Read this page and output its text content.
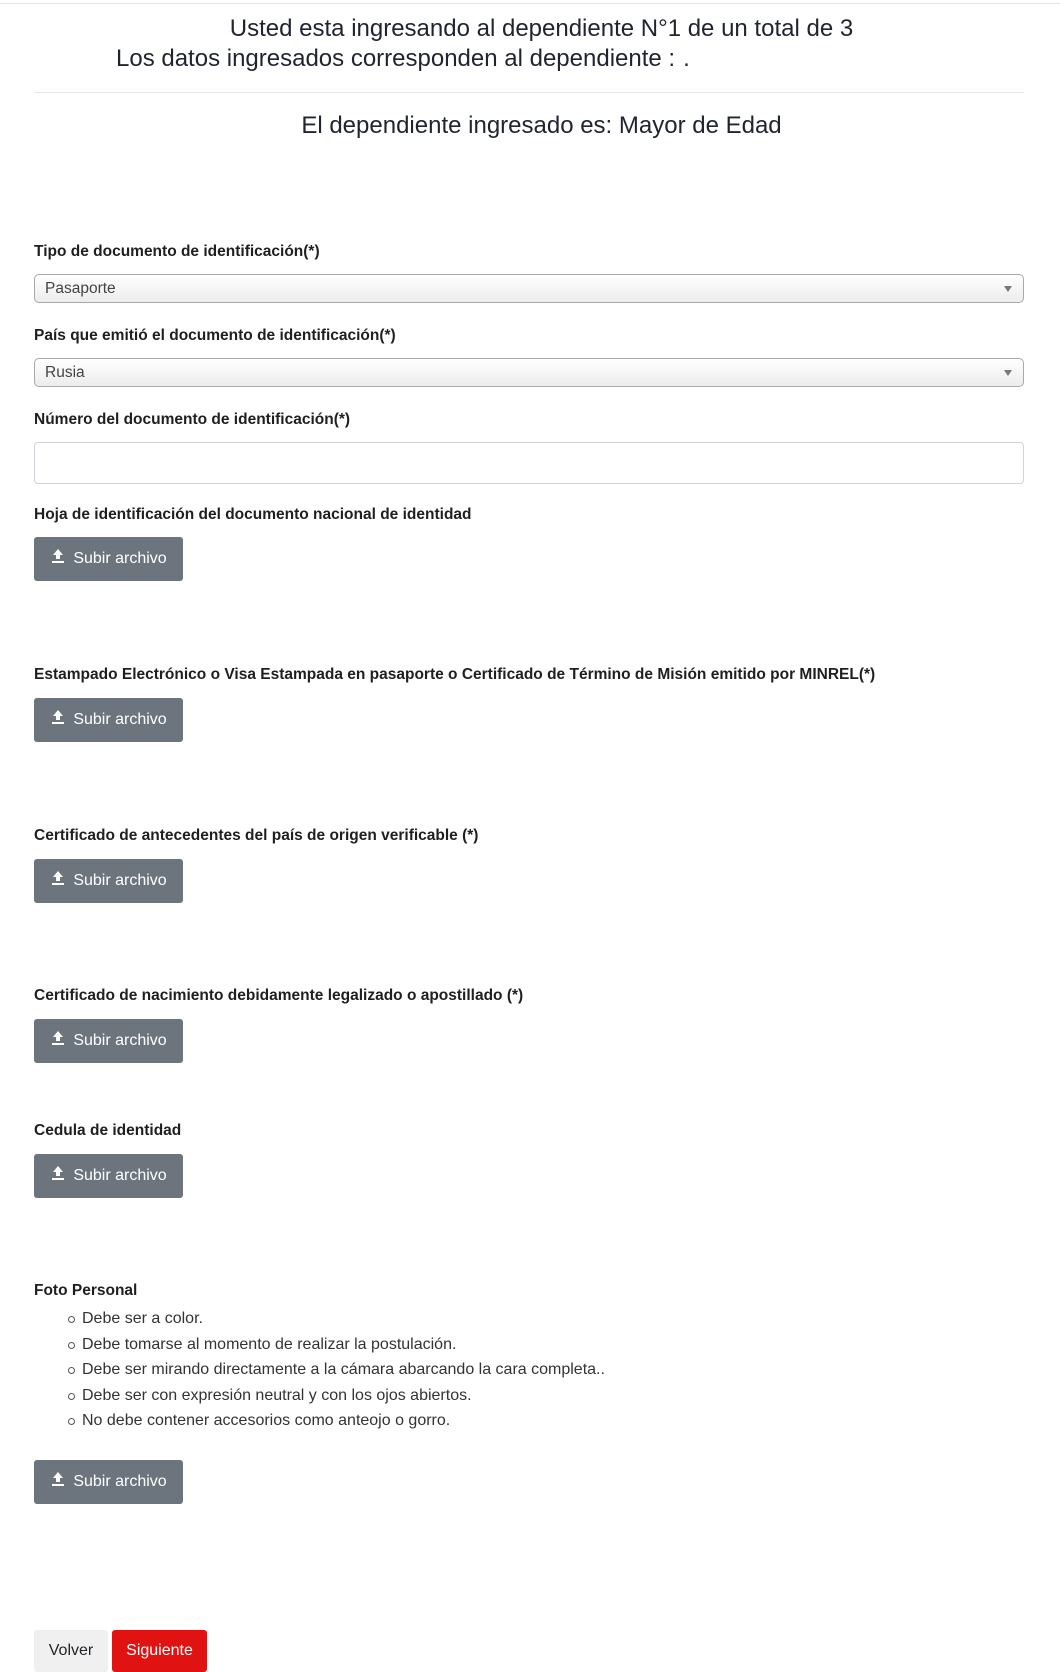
Usted esta ingresando al dependiente N°1 de un total de 3
Los datos ingresados corresponden al dependiente : .
El dependiente ingresado es: Mayor de Edad
Tipo de documento de identificación(*)
Pasaporte
País que emitió el documento de identificación(*)
Rusia
Número del documento de identificación(*)
Hoja de identificación del documento nacional de identidad
Subir archivo
Estampado Electrónico o Visa Estampada en pasaporte o Certificado de Término de Misión emitido por MINREL(*)
Subir archivo
Certificado de antecedentes del país de origen verificable (*)
Subir archivo
Certificado de nacimiento debidamente legalizado o apostillado (*)
Subir archivo
Cedula de identidad
Subir archivo
Foto Personal
Debe ser a color.
Debe tomarse al momento de realizar la postulación.
Debe ser mirando directamente a la cámara abarcando la cara completa..
Debe ser con expresión neutral y con los ojos abiertos.
No debe contener accesorios como anteojo o gorro.
Subir archivo
Volver	Siguiente
